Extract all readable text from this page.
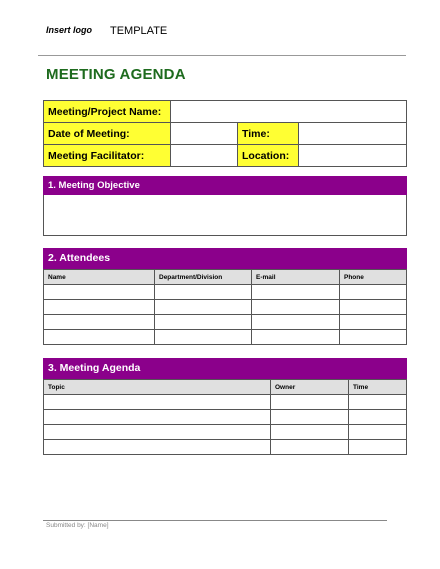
Insert logo TEMPLATE
MEETING AGENDA
Meeting/Project Name:			
Date of Meeting:		Time:	
Meeting Facilitator:		Location:	
1. Meeting Objective
2. Attendees
Name	Department/Division	E-mail	Phone

3. Meeting Agenda
Topic	Owner	Time

Submitted by: [Name]
